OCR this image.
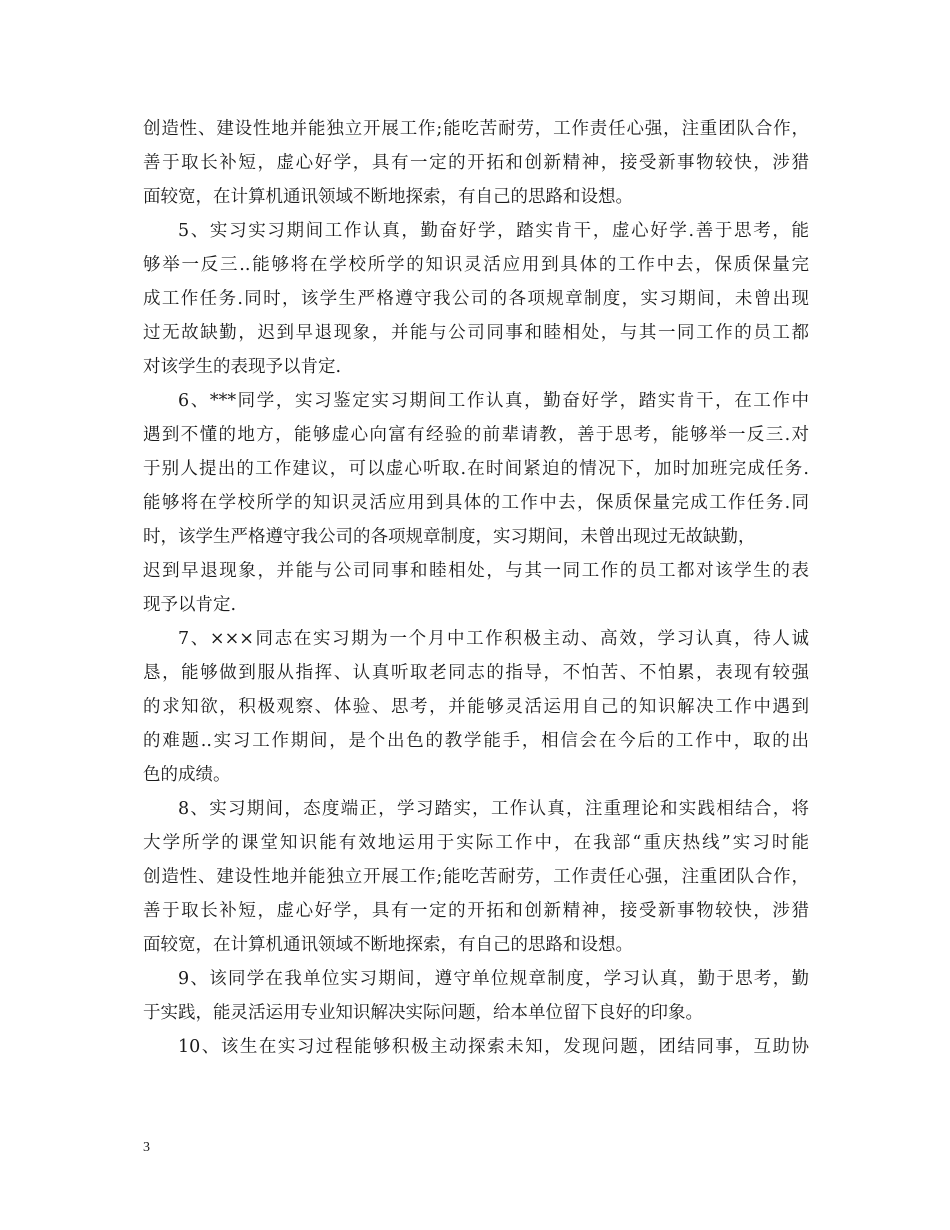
创造性、建设性地并能独立开展工作;能吃苦耐劳，工作责任心强，注重团队合作，
善于取长补短，虚心好学，具有一定的开拓和创新精神，接受新事物较快，涉猎
面较宽，在计算机通讯领域不断地探索，有自己的思路和设想。
5、实习实习期间工作认真，勤奋好学，踏实肯干，虚心好学.善于思考，能
够举一反三..能够将在学校所学的知识灵活应用到具体的工作中去，保质保量完
成工作任务.同时，该学生严格遵守我公司的各项规章制度，实习期间，未曾出现
过无故缺勤，迟到早退现象，并能与公司同事和睦相处，与其一同工作的员工都
对该学生的表现予以肯定.
6、***同学，实习鉴定实习期间工作认真，勤奋好学，踏实肯干，在工作中
遇到不懂的地方，能够虚心向富有经验的前辈请教，善于思考，能够举一反三.对
于别人提出的工作建议，可以虚心听取.在时间紧迫的情况下，加时加班完成任务.
能够将在学校所学的知识灵活应用到具体的工作中去，保质保量完成工作任务.同
时，该学生严格遵守我公司的各项规章制度，实习期间，未曾出现过无故缺勤，
迟到早退现象，并能与公司同事和睦相处，与其一同工作的员工都对该学生的表
现予以肯定.
7、×××同志在实习期为一个月中工作积极主动、高效，学习认真，待人诚
恳，能够做到服从指挥、认真听取老同志的指导，不怕苦、不怕累，表现有较强
的求知欲，积极观察、体验、思考，并能够灵活运用自己的知识解决工作中遇到
的难题..实习工作期间，是个出色的教学能手，相信会在今后的工作中，取的出
色的成绩。
8、实习期间，态度端正，学习踏实，工作认真，注重理论和实践相结合，将
大学所学的课堂知识能有效地运用于实际工作中，在我部“重庆热线”实习时能
创造性、建设性地并能独立开展工作;能吃苦耐劳，工作责任心强，注重团队合作，
善于取长补短，虚心好学，具有一定的开拓和创新精神，接受新事物较快，涉猎
面较宽，在计算机通讯领域不断地探索，有自己的思路和设想。
9、该同学在我单位实习期间，遵守单位规章制度，学习认真，勤于思考，勤
于实践，能灵活运用专业知识解决实际问题，给本单位留下良好的印象。
10、该生在实习过程能够积极主动探索未知，发现问题，团结同事，互助协
3
